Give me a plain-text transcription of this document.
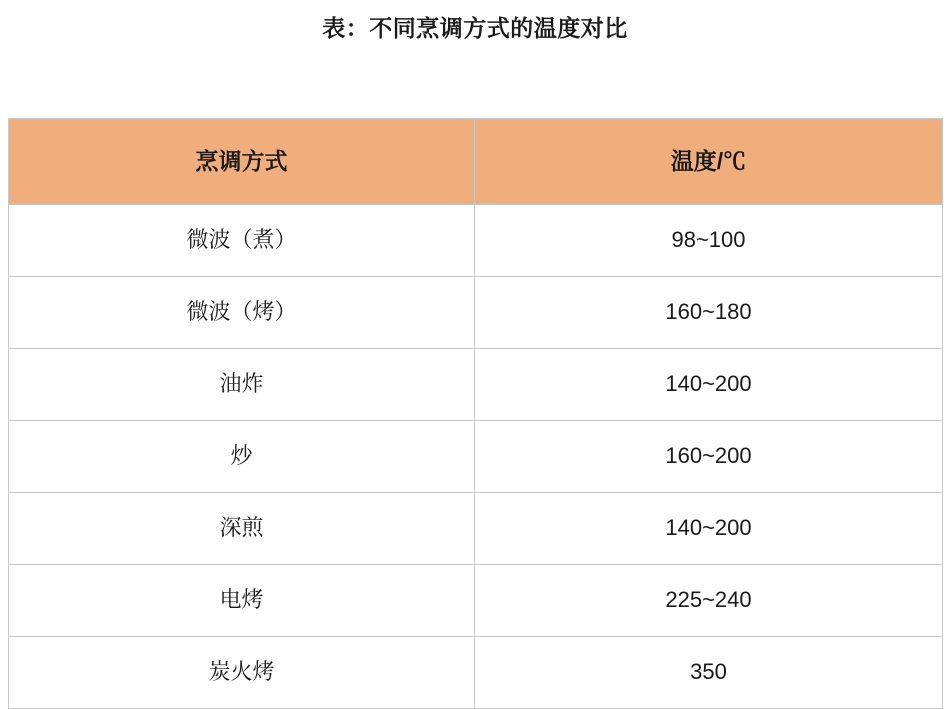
表：不同烹调方式的温度对比
烹调方式	温度/℃

微波（煮）	98~100

微波（烤）	160~180

油炸	140~200

炒	160~200

深煎	140~200

电烤	225~240

炭火烤	350
